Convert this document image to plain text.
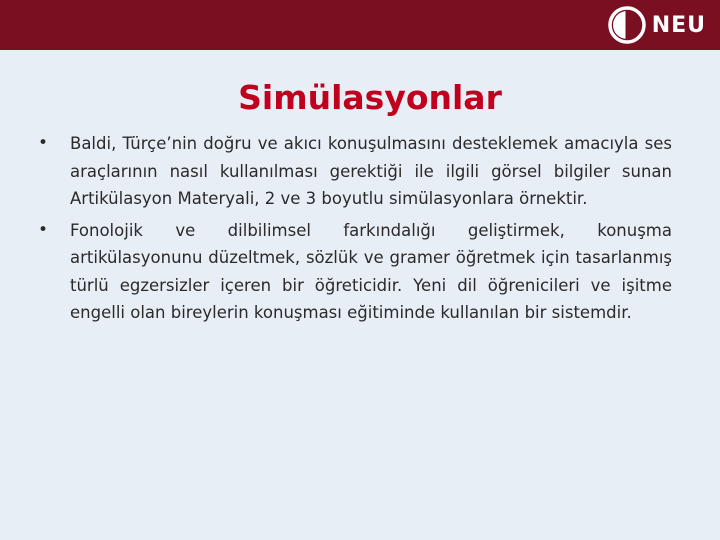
NEU
Simülasyonlar
•	Baldi, Türçe’nin doğru ve akıcı konuşulmasını desteklemek amacıyla ses araçlarının nasıl kullanılması gerektiği ile ilgili görsel bilgiler sunan Artikülasyon Materyali, 2 ve 3 boyutlu simülasyonlara örnektir.
•	Fonolojik ve dilbilimsel farkındalığı geliştirmek, konuşma artikülasyonunu düzeltmek, sözlük ve gramer öğretmek için tasarlanmış türlü egzersizler içeren bir öğreticidir. Yeni dil öğrenicileri ve işitme engelli olan bireylerin konuşması eğitiminde kullanılan bir sistemdir.
